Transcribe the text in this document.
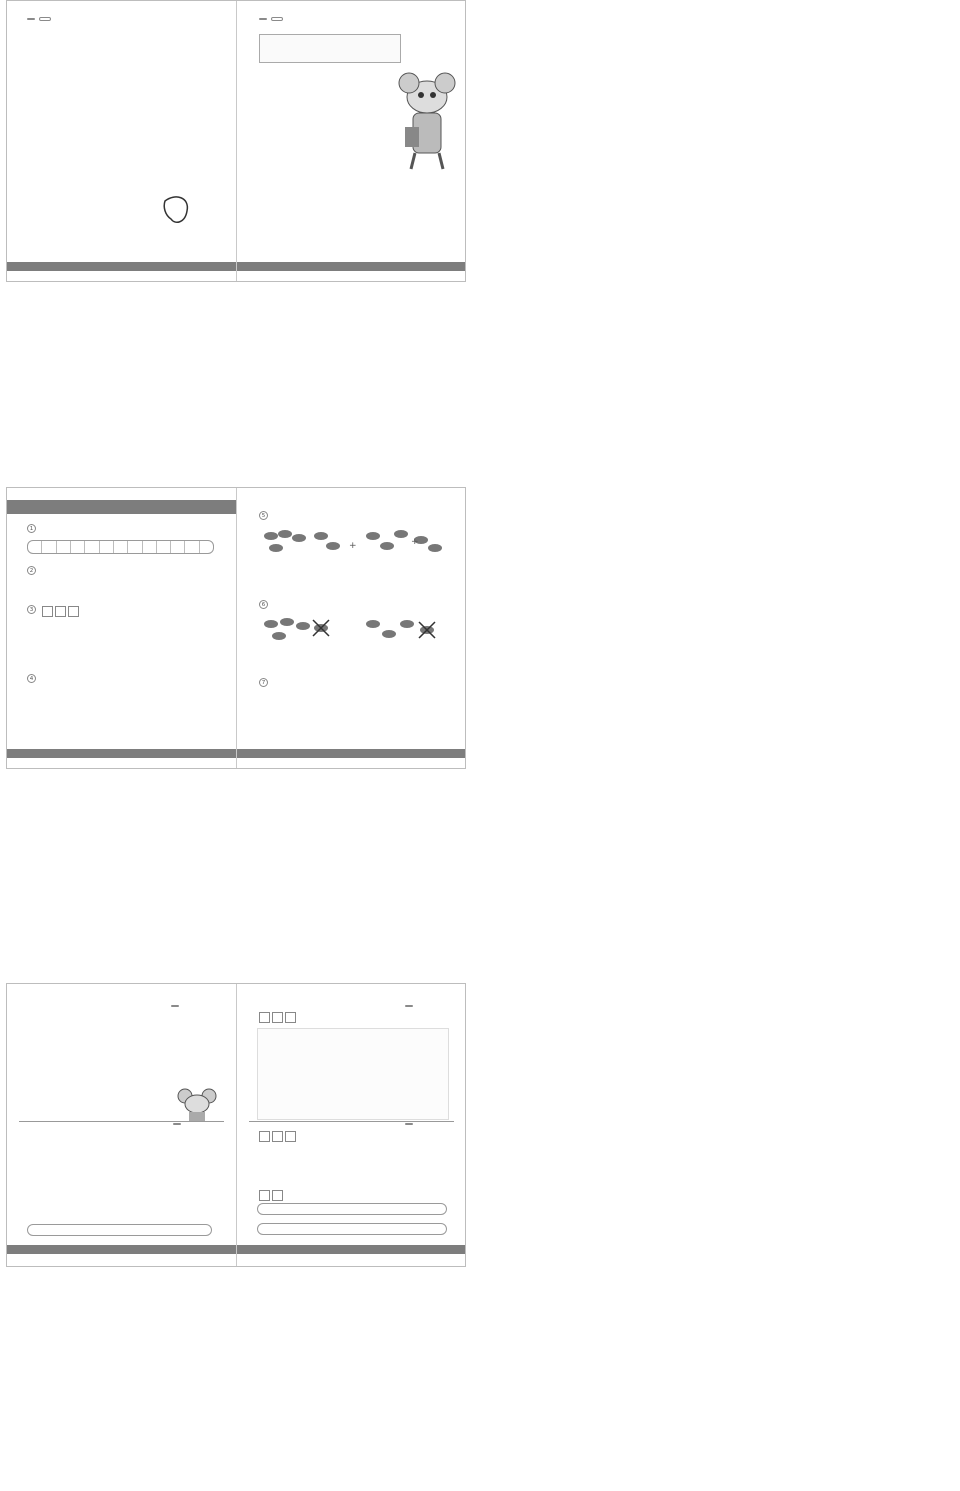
1
2
3
4
5
+	+
6
7
